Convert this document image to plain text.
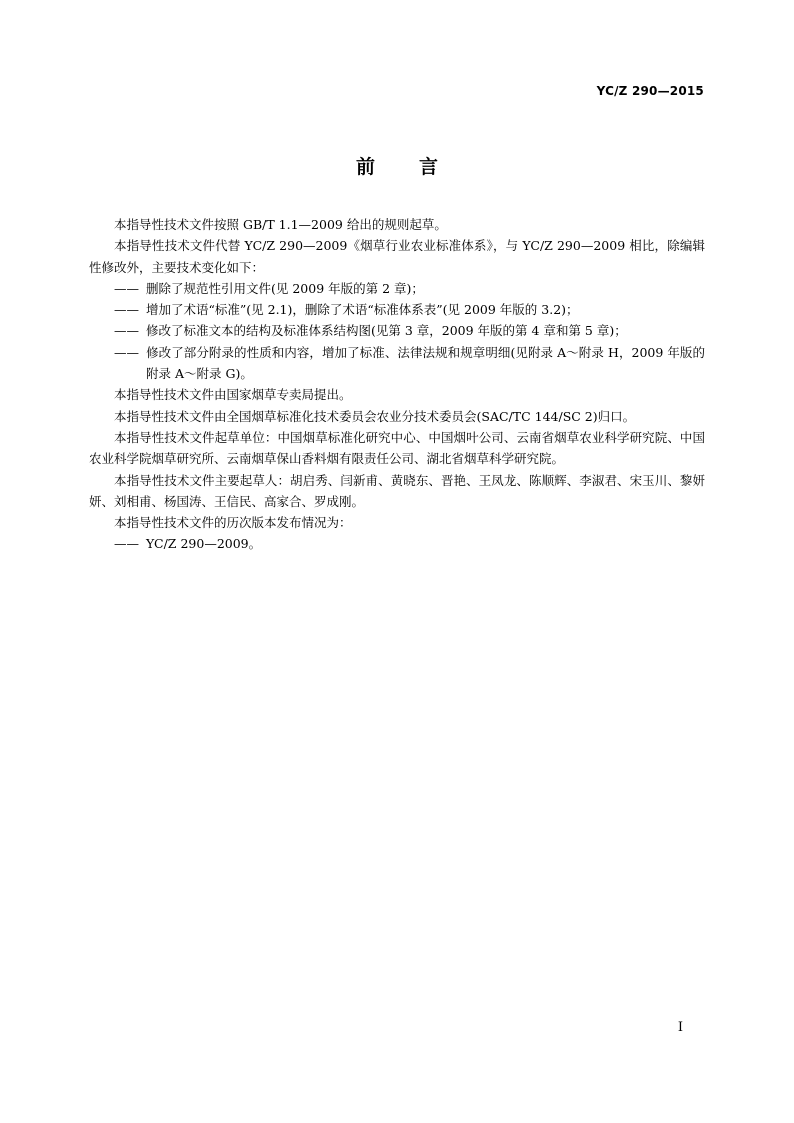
YC/Z 290—2015
前言

本指导性技术文件按照 GB/T 1.1—2009 给出的规则起草。

本指导性技术文件代替 YC/Z 290—2009《烟草行业农业标准体系》，与 YC/Z 290—2009 相比，除编辑性修改外，主要技术变化如下：

—— 删除了规范性引用文件(见 2009 年版的第 2 章)；

—— 增加了术语“标准”(见 2.1)，删除了术语“标准体系表”(见 2009 年版的 3.2)；

—— 修改了标准文本的结构及标准体系结构图(见第 3 章，2009 年版的第 4 章和第 5 章)；

—— 修改了部分附录的性质和内容，增加了标准、法律法规和规章明细(见附录 A～附录 H，2009 年版的附录 A～附录 G)。

本指导性技术文件由国家烟草专卖局提出。

本指导性技术文件由全国烟草标准化技术委员会农业分技术委员会(SAC/TC 144/SC 2)归口。

本指导性技术文件起草单位：中国烟草标准化研究中心、中国烟叶公司、云南省烟草农业科学研究院、中国农业科学院烟草研究所、云南烟草保山香料烟有限责任公司、湖北省烟草科学研究院。

本指导性技术文件主要起草人：胡启秀、闫新甫、黄晓东、晋艳、王凤龙、陈顺辉、李淑君、宋玉川、黎妍妍、刘相甫、杨国涛、王信民、高家合、罗成刚。

本指导性技术文件的历次版本发布情况为：

—— YC/Z 290—2009。

I
